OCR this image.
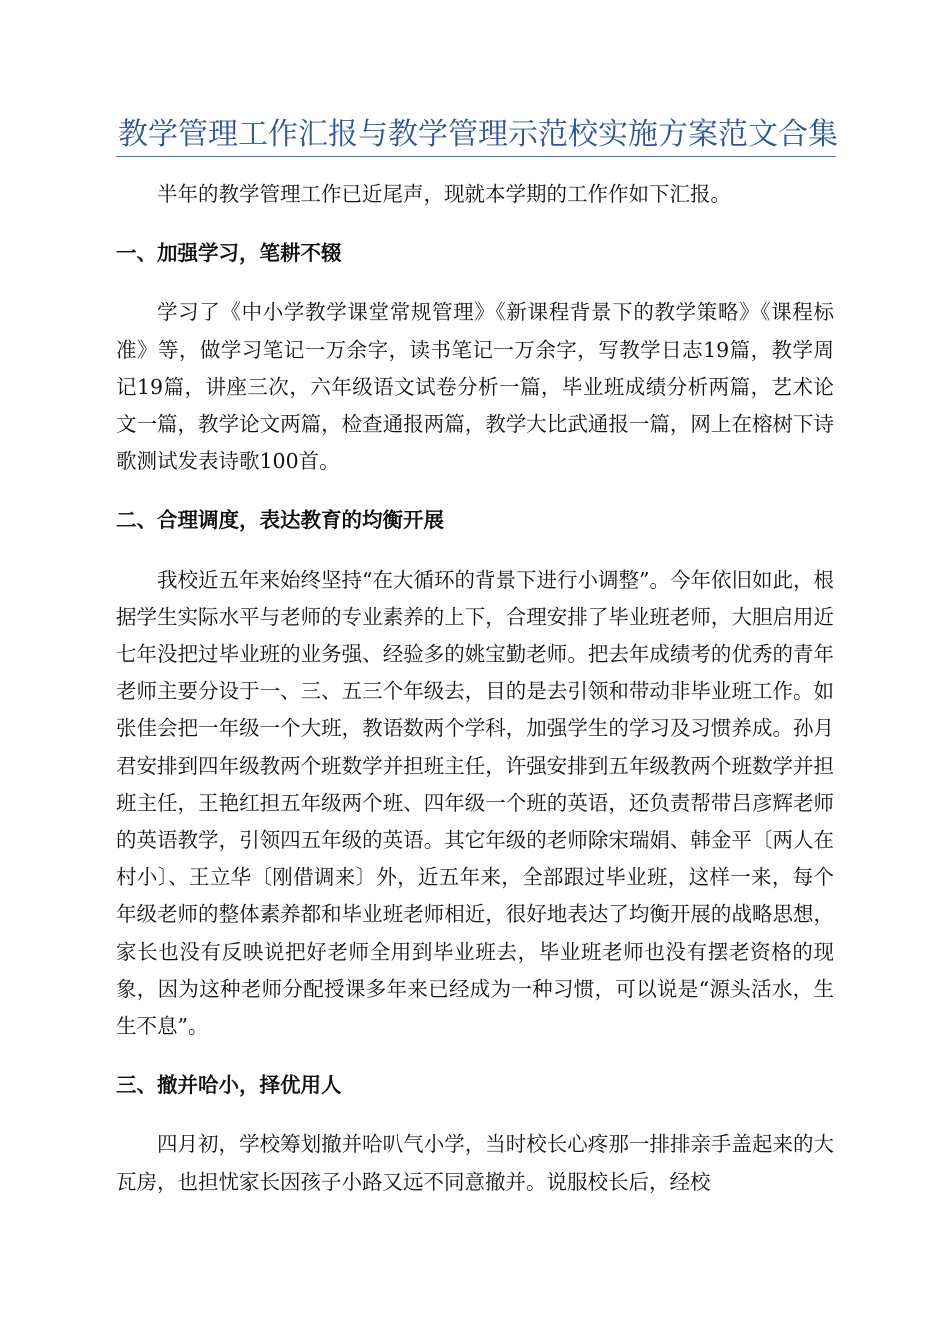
教学管理工作汇报与教学管理示范校实施方案范文合集

半年的教学管理工作已近尾声，现就本学期的工作作如下汇报。

一、加强学习，笔耕不辍

学习了《中小学教学课堂常规管理》《新课程背景下的教学策略》《课程标准》等，做学习笔记一万余字，读书笔记一万余字，写教学日志19篇，教学周记19篇，讲座三次，六年级语文试卷分析一篇，毕业班成绩分析两篇，艺术论文一篇，教学论文两篇，检查通报两篇，教学大比武通报一篇，网上在榕树下诗歌测试发表诗歌100首。

二、合理调度，表达教育的均衡开展

我校近五年来始终坚持“在大循环的背景下进行小调整”。今年依旧如此，根据学生实际水平与老师的专业素养的上下，合理安排了毕业班老师，大胆启用近七年没把过毕业班的业务强、经验多的姚宝勤老师。把去年成绩考的优秀的青年老师主要分设于一、三、五三个年级去，目的是去引领和带动非毕业班工作。如张佳会把一年级一个大班，教语数两个学科，加强学生的学习及习惯养成。孙月君安排到四年级教两个班数学并担班主任，许强安排到五年级教两个班数学并担班主任，王艳红担五年级两个班、四年级一个班的英语，还负责帮带吕彦辉老师的英语教学，引领四五年级的英语。其它年级的老师除宋瑞娟、韩金平〔两人在村小〕、王立华〔刚借调来〕外，近五年来，全部跟过毕业班，这样一来，每个年级老师的整体素养都和毕业班老师相近，很好地表达了均衡开展的战略思想，家长也没有反映说把好老师全用到毕业班去，毕业班老师也没有摆老资格的现象，因为这种老师分配授课多年来已经成为一种习惯，可以说是“源头活水，生生不息”。

三、撤并哈小，择优用人

四月初，学校筹划撤并哈叭气小学，当时校长心疼那一排排亲手盖起来的大瓦房，也担忧家长因孩子小路又远不同意撤并。说服校长后，经校
